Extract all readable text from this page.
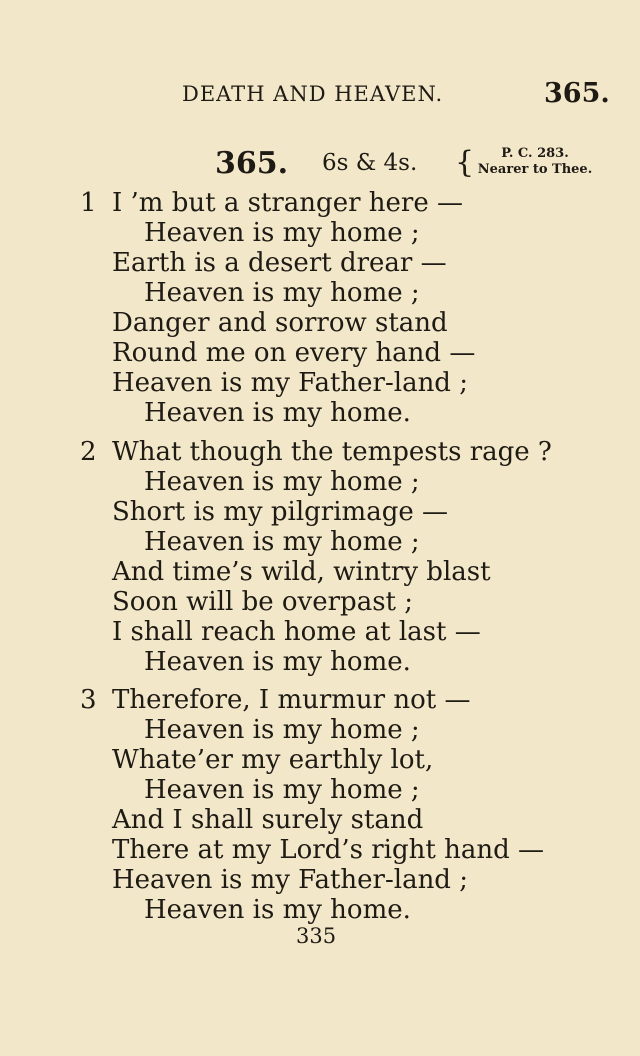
DEATH AND HEAVEN.	365.
365. 6s & 4s. {	P. C. 283.
Nearer to Thee.
1 I ’m but a stranger here —
Heaven is my home ;
Earth is a desert drear —
Heaven is my home ;
Danger and sorrow stand
Round me on every hand —
Heaven is my Father-land ;
Heaven is my home.
2 What though the tempests rage ?
Heaven is my home ;
Short is my pilgrimage —
Heaven is my home ;
And time’s wild, wintry blast
Soon will be overpast ;
I shall reach home at last —
Heaven is my home.
3 Therefore, I murmur not —
Heaven is my home ;
Whate’er my earthly lot,
Heaven is my home ;
And I shall surely stand
There at my Lord’s right hand —
Heaven is my Father-land ;
Heaven is my home.
335
